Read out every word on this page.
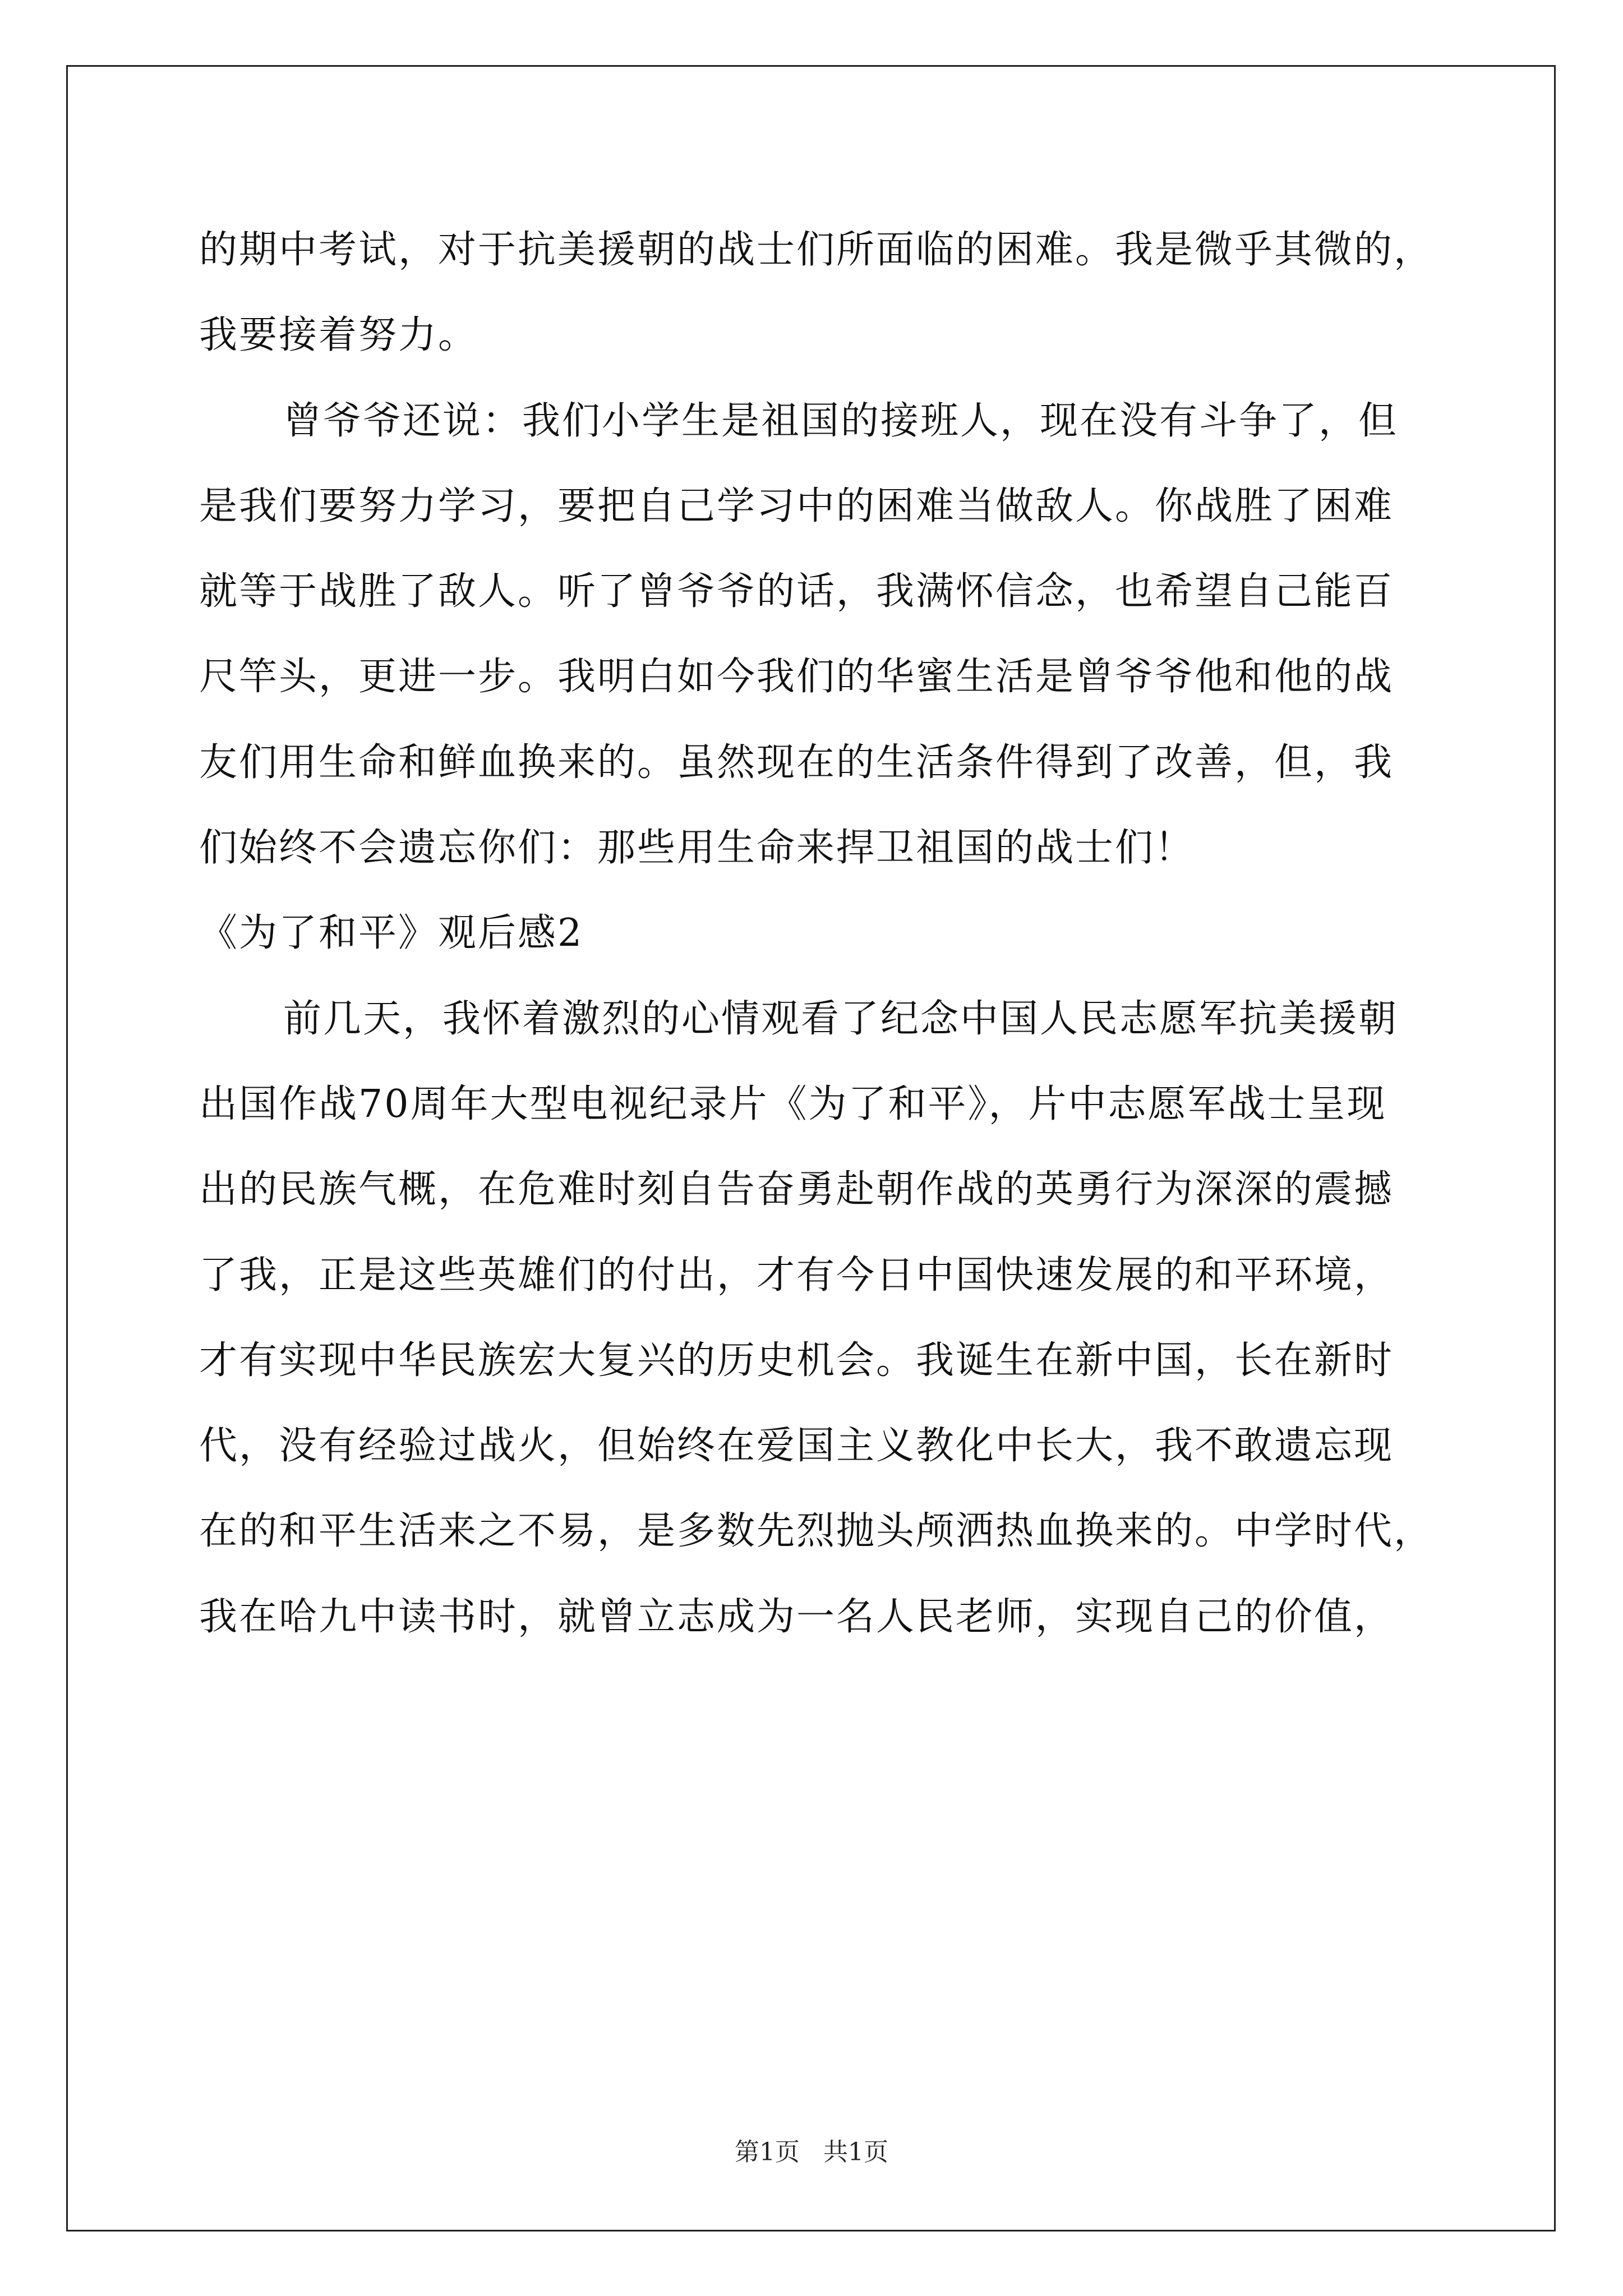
的期中考试，对于抗美援朝的战士们所面临的困难。我是微乎其微的，
我要接着努力。
曾爷爷还说：我们小学生是祖国的接班人，现在没有斗争了，但
是我们要努力学习，要把自己学习中的困难当做敌人。你战胜了困难
就等于战胜了敌人。听了曾爷爷的话，我满怀信念，也希望自己能百
尺竿头，更进一步。我明白如今我们的华蜜生活是曾爷爷他和他的战
友们用生命和鲜血换来的。虽然现在的生活条件得到了改善，但，我
们始终不会遗忘你们：那些用生命来捍卫祖国的战士们！
《为了和平》观后感2
前几天，我怀着激烈的心情观看了纪念中国人民志愿军抗美援朝
出国作战70周年大型电视纪录片《为了和平》，片中志愿军战士呈现
出的民族气概，在危难时刻自告奋勇赴朝作战的英勇行为深深的震撼
了我，正是这些英雄们的付出，才有今日中国快速发展的和平环境，
才有实现中华民族宏大复兴的历史机会。我诞生在新中国，长在新时
代，没有经验过战火，但始终在爱国主义教化中长大，我不敢遗忘现
在的和平生活来之不易，是多数先烈抛头颅洒热血换来的。中学时代，
我在哈九中读书时，就曾立志成为一名人民老师，实现自己的价值，
第1页   共1页
